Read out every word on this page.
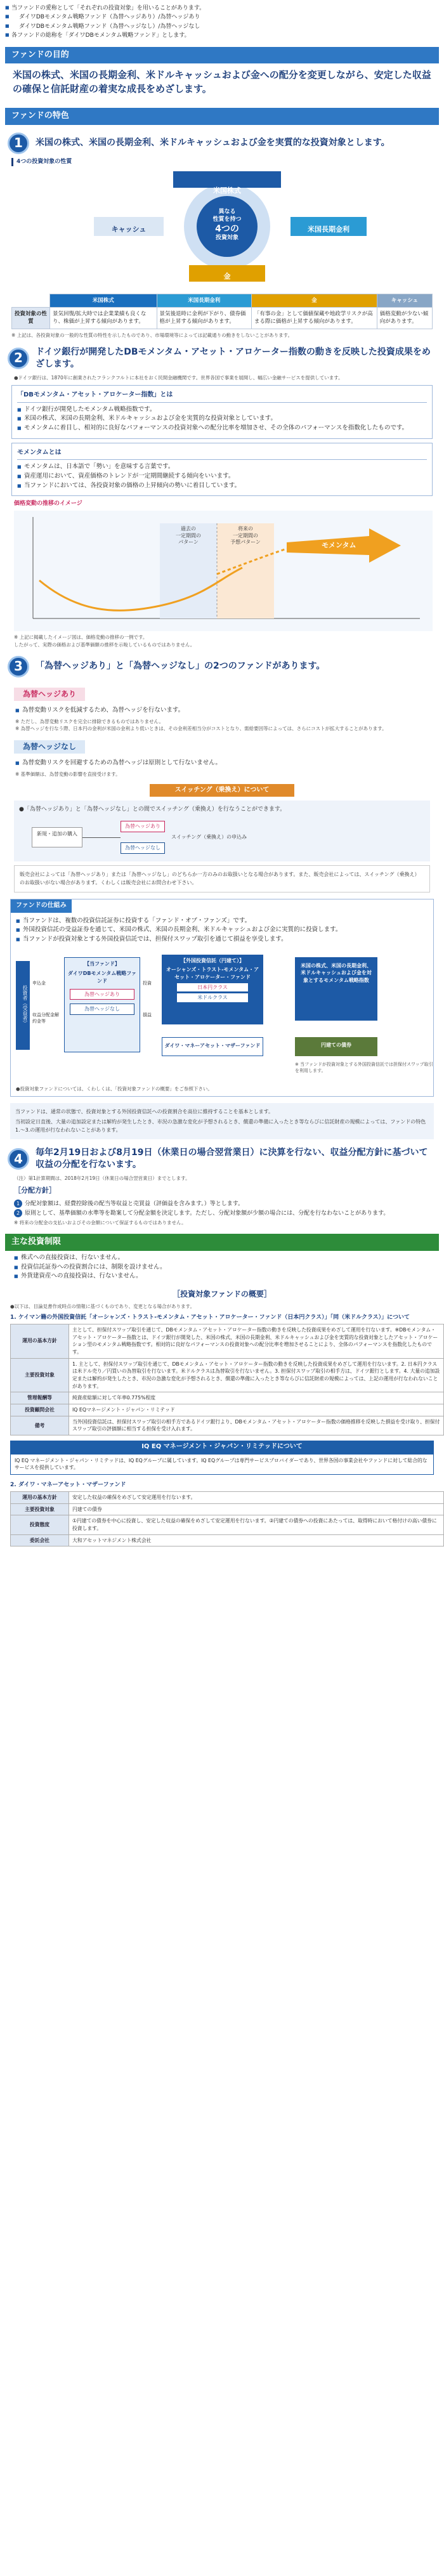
■ 当ファンドの愛称として「それぞれの投資対象」を用いることがあります。
■ ダイワDBモメンタム戦略ファンド（為替ヘッジあり）/為替ヘッジあり
■ ダイワDBモメンタム戦略ファンド（為替ヘッジなし）/為替ヘッジなし
■ 各ファンドの総称を「ダイワDBモメンタム戦略ファンド」とします。
ファンドの目的
米国の株式、米国の長期金利、米ドルキャッシュおよび金への配分を変更しながら、安定した収益の確保と信託財産の着実な成長をめざします。
ファンドの特色
1	米国の株式、米国の長期金利、米ドルキャッシュおよび金を実質的な投資対象とします。
4つの投資対象の性質
米国株式
キャッシュ	米国長期金利
金
異なる
性質を持つ
4つの
投資対象
	米国株式	米国長期金利	金	キャッシュ
投資対象の性質	景気回復/拡大時では企業業績も良くなり、株価が上昇する傾向があります。	景気後退時に金利が下がり、債券価格が上昇する傾向があります。	「有事の金」として価値保蔵や地政学リスクが高まる際に価格が上昇する傾向があります。	価格変動が少ない傾向があります。
※ 上記は、各投資対象の一般的な性質の特性を示したものであり、市場環境等によっては記載通りの動きをしないことがあります。
2	ドイツ銀行が開発したDBモメンタム・アセット・アロケーター指数の動きを反映した投資成果をめざします。
●ドイツ銀行は、1870年に創業されたフランクフルトに本社をおく民間金融機関です。世界各国で事業を展開し、幅広い金融サービスを提供しています。
「DBモメンタム・アセット・アロケーター指数」とは
■ ドイツ銀行が開発したモメンタム戦略指数です。
■ 米国の株式、米国の長期金利、米ドルキャッシュおよび金を実質的な投資対象としています。
■ モメンタムに着目し、相対的に良好なパフォーマンスの投資対象への配分比率を増加させ、その全体のパフォーマンスを指数化したものです。
モメンタムとは
■ モメンタムは、日本語で「勢い」を意味する言葉です。
■ 資産運用において、資産価格のトレンドが一定期間継続する傾向をいいます。
■ 当ファンドにおいては、各投資対象の価格の上昇傾向の勢いに着目しています。
価格変動の推移のイメージ
過去の
一定期間の
パターン
将来の
一定期間の
予想パターン	モメンタム
※ 上記に掲載したイメージ図は、価格変動の推移の一例です。
したがって、実際の価格および基準価額の推移を示唆しているものではありません。
3	「為替ヘッジあり」と「為替ヘッジなし」の2つのファンドがあります。
為替ヘッジあり
■ 為替変動リスクを低減するため、為替ヘッジを行ないます。
※ ただし、為替変動リスクを完全に排除できるものではありません。
※ 為替ヘッジを行なう際、日本円の金利が米国の金利より低いときは、その金利差相当分がコストとなり、需給要因等によっては、さらにコストが拡大することがあります。
為替ヘッジなし
■ 為替変動リスクを回避するための為替ヘッジは原則として行ないません。
※ 基準価額は、為替変動の影響を直接受けます。
スイッチング（乗換え）について
●「為替ヘッジあり」と「為替ヘッジなし」との間でスイッチング（乗換え）を行なうことができます。
新規・追加の購入
為替ヘッジあり
為替ヘッジなし
スイッチング（乗換え）の申込み
販売会社によっては「為替ヘッジあり」または「為替ヘッジなし」のどちらか一方のみのお取扱いとなる場合があります。また、販売会社によっては、スイッチング（乗換え）のお取扱いがない場合があります。くわしくは販売会社にお問合わせ下さい。
ファンドの仕組み
■ 当ファンドは、複数の投資信託証券に投資する「ファンド・オブ・ファンズ」です。
■ 外国投資信託の受益証券を通じて、米国の株式、米国の長期金利、米ドルキャッシュおよび金に実質的に投資します。
■ 当ファンドが投資対象とする外国投資信託では、担保付スワップ取引を通じて損益を享受します。
投資者（受益者）
申込金
収益分配金解約金等
【当ファンド】
ダイワDBモメンタム戦略ファンド
為替ヘッジあり
為替ヘッジなし
投資
損益
【外国投資信託（円建て）】
オーシャンズ・トラスト‐モメンタム・アセット・アロケーター・ファンド
日本円クラス
米ドルクラス
米国の株式、米国の長期金利、米ドルキャッシュおよび金を対象とするモメンタム戦略指数
ダイワ・マネーアセット・マザーファンド	円建ての債券
※ 当ファンドが投資対象とする外国投資信託では担保付スワップ取引を利用します。
●投資対象ファンドについては、くわしくは、「投資対象ファンドの概要」をご参照下さい。
当ファンドは、通常の状態で、投資対象とする外国投資信託への投資割合を高位に維持することを基本とします。
当初設定日直後、大量の追加設定または解約が発生したとき、市況の急激な変化が予想されるとき、償還の準備に入ったとき等ならびに信託財産の規模によっては、ファンドの特色1.～3.の運用が行なわれないことがあります。
4	毎年2月19日および8月19日（休業日の場合翌営業日）に決算を行ない、収益分配方針に基づいて収益の分配を行ないます。
（注）第1計算期間は、2018年2月19日（休業日の場合翌営業日）までとします。
［分配方針］
1 分配対象額は、経費控除後の配当等収益と売買益（評価益を含みます。）等とします。
2 原則として、基準価額の水準等を勘案して分配金額を決定します。ただし、分配対象額が少額の場合には、分配を行なわないことがあります。
※ 将来の分配金の支払いおよびその金額について保証するものではありません。
主な投資制限
■ 株式への直接投資は、行ないません。
■ 投資信託証券への投資割合には、制限を設けません。
■ 外貨建資産への直接投資は、行ないません。
［投資対象ファンドの概要］
●以下は、目論見書作成時点の情報に基づくものであり、変更となる場合があります。
1. ケイマン籍の外国投資信託「オーシャンズ・トラスト‐モメンタム・アセット・アロケーター・ファンド（日本円クラス）」「同（米ドルクラス）」について
運用の基本方針	主として、担保付スワップ取引を通じて、DBモメンタム・アセット・アロケーター指数の動きを反映した投資成果をめざして運用を行ないます。※DBモメンタム・アセット・アロケーター指数とは、ドイツ銀行が開発した、米国の株式、米国の長期金利、米ドルキャッシュおよび金を実質的な投資対象としたアセット・アロケーション型のモメンタム戦略指数です。相対的に良好なパフォーマンスの投資対象への配分比率を増加させることにより、全体のパフォーマンスを指数化したものです。
主要投資対象	1. 主として、担保付スワップ取引を通じて、DBモメンタム・アセット・アロケーター指数の動きを反映した投資成果をめざして運用を行ないます。2. 日本円クラスは米ドル売り／円買いの為替取引を行ないます。米ドルクラスは為替取引を行ないません。3. 担保付スワップ取引の相手方は、ドイツ銀行とします。4. 大量の追加設定または解約が発生したとき、市況の急激な変化が予想されるとき、償還の準備に入ったとき等ならびに信託財産の規模によっては、上記の運用が行なわれないことがあります。
管理報酬等	純資産総額に対して年率0.775%程度
投資顧問会社	IQ EQマネージメント・ジャパン・リミテッド
備考	当外国投資信託は、担保付スワップ取引の相手方であるドイツ銀行より、DBモメンタム・アセット・アロケーター指数の価格推移を反映した損益を受け取り、担保付スワップ取引の評価額に相当する担保を受け入れます。
IQ EQ マネージメント・ジャパン・リミテッドについて
IQ EQ マネージメント・ジャパン・リミテッドは、IQ EQグループに属しています。IQ EQグループは専門サービスプロバイダーであり、世界各国の事業会社やファンドに対して総合的なサービスを提供しています。
2. ダイワ・マネーアセット・マザーファンド
運用の基本方針	安定した収益の確保をめざして安定運用を行ないます。
主要投資対象	円建ての債券
投資態度	①円建ての債券を中心に投資し、安定した収益の確保をめざして安定運用を行ないます。②円建ての債券への投資にあたっては、取得時において格付けの高い債券に投資します。
委託会社	大和アセットマネジメント株式会社
